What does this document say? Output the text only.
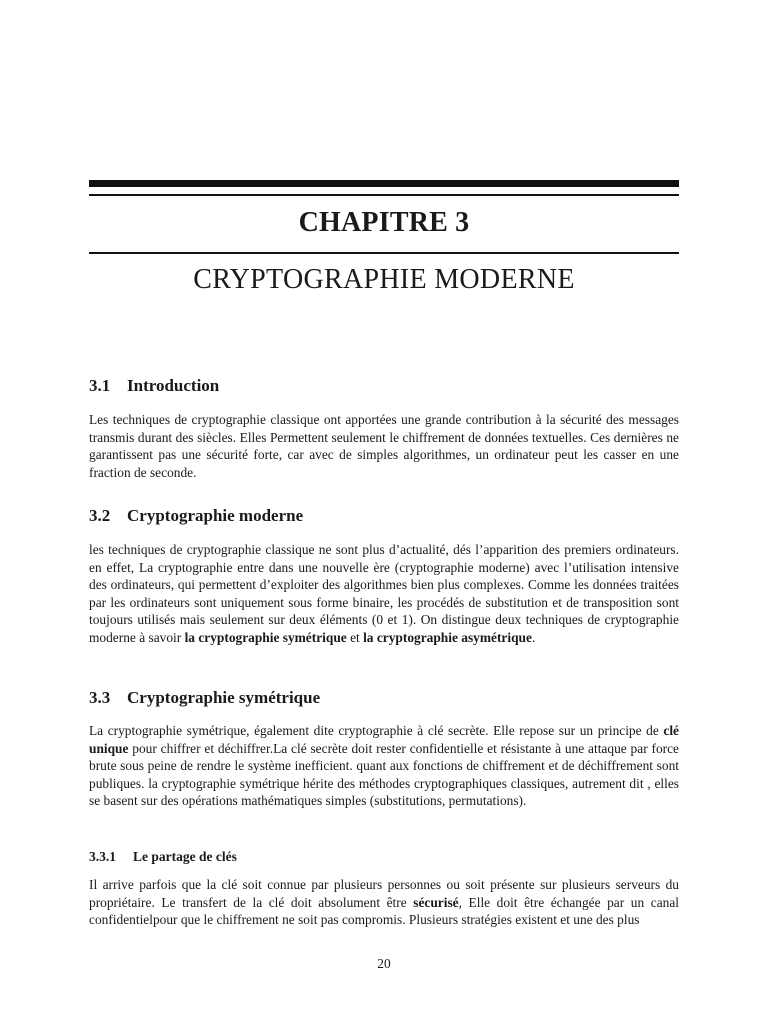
CHAPITRE 3
CRYPTOGRAPHIE MODERNE
3.1 Introduction
Les techniques de cryptographie classique ont apportées une grande contribution à la sécurité des messages transmis durant des siècles. Elles Permettent seulement le chiffrement de données textuelles. Ces dernières ne garantissent pas une sécurité forte, car avec de simples algorithmes, un ordinateur peut les casser en une fraction de seconde.
3.2 Cryptographie moderne
les techniques de cryptographie classique ne sont plus d’actualité, dés l’apparition des premiers ordinateurs. en effet, La cryptographie entre dans une nouvelle ère (cryptographie moderne) avec l’utilisation intensive des ordinateurs, qui permettent d’exploiter des algorithmes bien plus complexes. Comme les données traitées par les ordinateurs sont uniquement sous forme binaire, les procédés de substitution et de transposition sont toujours utilisés mais seulement sur deux éléments (0 et 1). On distingue deux techniques de cryptographie moderne à savoir la cryptographie symétrique et la cryptographie asymétrique.
3.3 Cryptographie symétrique
La cryptographie symétrique, également dite cryptographie à clé secrète. Elle repose sur un principe de clé unique pour chiffrer et déchiffrer.La clé secrète doit rester confidentielle et résistante à une attaque par force brute sous peine de rendre le système inefficient. quant aux fonctions de chiffrement et de déchiffrement sont publiques. la cryptographie symétrique hérite des méthodes cryptographiques classiques, autrement dit , elles se basent sur des opérations mathématiques simples (substitutions, permutations).
3.3.1 Le partage de clés
Il arrive parfois que la clé soit connue par plusieurs personnes ou soit présente sur plusieurs serveurs du propriétaire. Le transfert de la clé doit absolument être sécurisé, Elle doit être échangée par un canal confidentielpour que le chiffrement ne soit pas compromis. Plusieurs stratégies existent et une des plus
20
